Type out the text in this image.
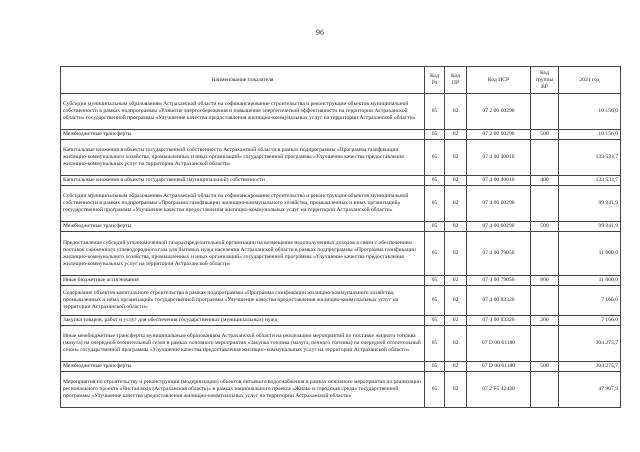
96
Наименование показателя	Код Рз	Код ПР	Код ЦСР	Код группы ВР	2021 год
Субсидии муниципальным образованиям Астраханской области на софинансирование строительства и реконструкции объектов муниципальной собственности в рамках подпрограммы «Развитие энергосбережения и повышение энергетической эффективности на территории Астраханской области» государственной программы «Улучшение качества предоставления жилищно-коммунальных услуг на территории Астраханской области»	05	02	07 2 00 60290		10 156,0
Межбюджетные трансферты	05	02	07 2 00 60290	500	10 156,0
Капитальные вложения в объекты государственной собственности Астраханской области в рамках подпрограммы «Программа газификации жилищно-коммунального хозяйства, промышленных и иных организаций» государственной программы «Улучшение качества предоставления жилищно-коммунальных услуг на территории Астраханской области»	05	02	07 4 00 40010		133 533,7
Капитальные вложения в объекты государственной (муниципальной) собственности	05	02	07 4 00 40010	400	133 533,7
Субсидии муниципальным образованиям Астраханской области на софинансирование строительства и реконструкции объектов муниципальной собственности в рамках подпрограммы «Программа газификации жилищно-коммунального хозяйства, промышленных и иных организаций» государственной программы «Улучшение качества предоставления жилищно-коммунальных услуг на территории Астраханской области»	05	02	07 4 00 60290		99 341,9
Межбюджетные трансферты	05	02	07 4 00 60290	500	99 341,9
Предоставление субсидий уполномоченной газораспределительной организации на возмещение недополученных доходов в связи с обеспечением поставок сжиженного углеводородного газа для бытовых нужд населения Астраханской области в рамках подпрограммы «Программа газификации жилищно-коммунального хозяйства, промышленных и иных организаций» государственной программы «Улучшение качества предоставления жилищно-коммунальных услуг на территории Астраханской области»	05	02	07 4 00 79050		11 000,0
Иные бюджетные ассигнования	05	02	07 4 00 79050	800	11 000,0
Содержание объектов капитального строительства в рамках подпрограммы «Программа газификации жилищно-коммунального хозяйства, промышленных и иных организаций» государственной программы «Улучшение качества предоставления жилищно-коммунальных услуг на территории Астраханской области»	05	02	07 4 00 83320		7 166,0
Закупка товаров, работ и услуг для обеспечения государственных (муниципальных) нужд	05	02	07 4 00 83320	200	7 166,0
Иные межбюджетные трансферты муниципальным образованиям Астраханской области на реализацию мероприятий по поставке жидкого топлива (мазута) на очередной отопительный сезон в рамках основного мероприятия «Закупка топлива (мазута, печного топлива) на очередной отопительный сезон» государственной программы «Улучшение качества предоставления жилищно-коммунальных услуг на территории Астраханской области»	05	02	07 D 00 61180		304 275,7
Межбюджетные трансферты	05	02	07 D 00 61180	500	304 275,7
Мероприятия по строительству и реконструкции (модернизации) объектов питьевого водоснабжения в рамках основного мероприятия по реализации регионального проекта «Чистая вода (Астраханская область)» в рамках национального проекта «Жилье и городская среда» государственной программы «Улучшение качества предоставления жилищно-коммунальных услуг на территории Астраханской области»	05	02	07 2 F5 42430		47 907,9
